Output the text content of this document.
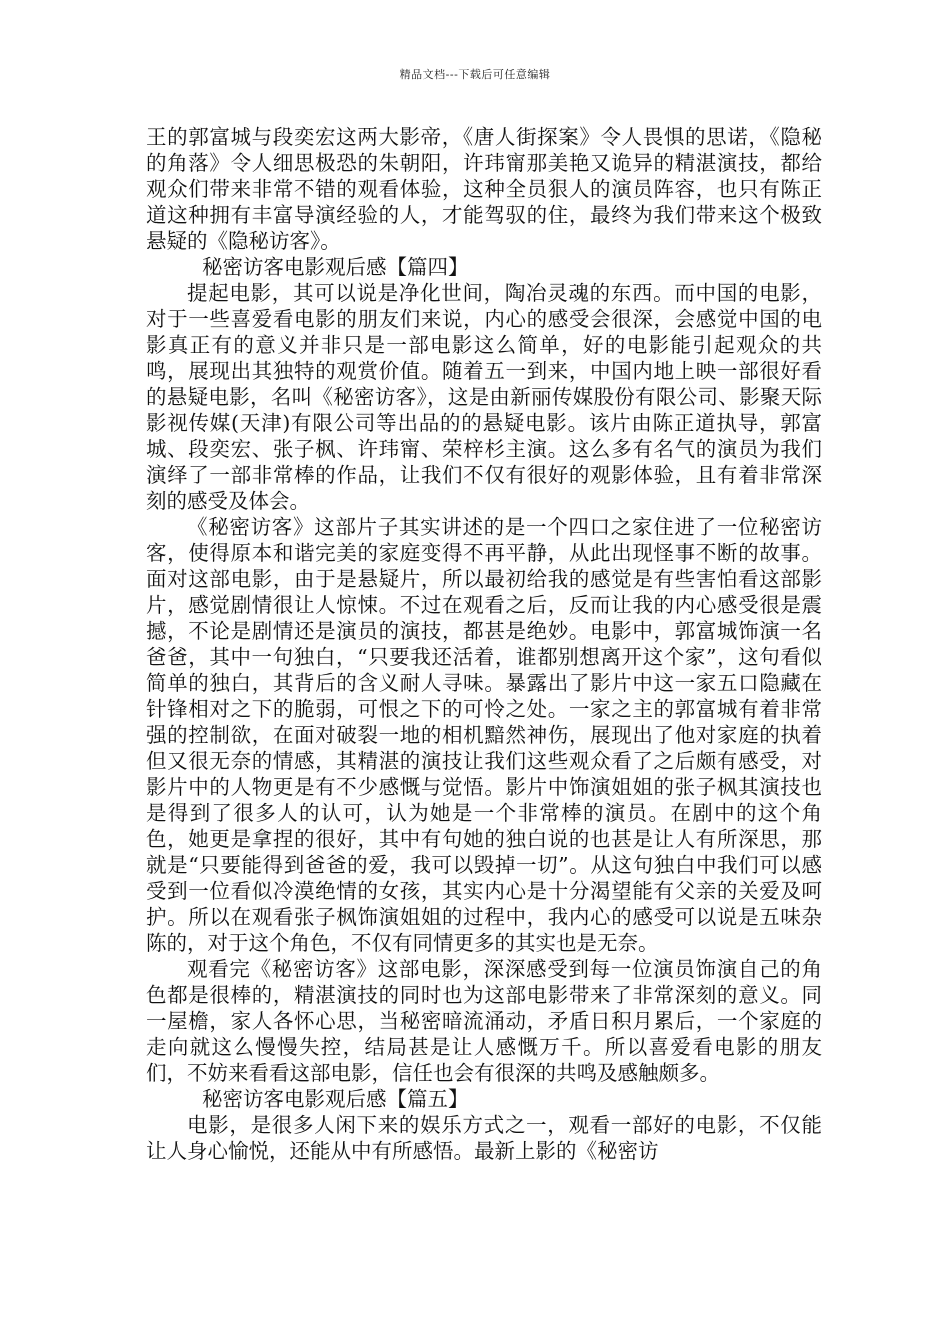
精品文档---下载后可任意编辑

王的郭富城与段奕宏这两大影帝，《唐人街探案》令人畏惧的思诺，《隐秘的角落》令人细思极恐的朱朝阳，许玮甯那美艳又诡异的精湛演技，都给观众们带来非常不错的观看体验，这种全员狠人的演员阵容，也只有陈正道这种拥有丰富导演经验的人，才能驾驭的住，最终为我们带来这个极致悬疑的《隐秘访客》。

秘密访客电影观后感【篇四】

提起电影，其可以说是净化世间，陶冶灵魂的东西。而中国的电影，对于一些喜爱看电影的朋友们来说，内心的感受会很深，会感觉中国的电影真正有的意义并非只是一部电影这么简单，好的电影能引起观众的共鸣，展现出其独特的观赏价值。随着五一到来，中国内地上映一部很好看的悬疑电影，名叫《秘密访客》，这是由新丽传媒股份有限公司、影聚天际影视传媒(天津)有限公司等出品的的悬疑电影。该片由陈正道执导，郭富城、段奕宏、张子枫、许玮甯、荣梓杉主演。这么多有名气的演员为我们演绎了一部非常棒的作品，让我们不仅有很好的观影体验，且有着非常深刻的感受及体会。

《秘密访客》这部片子其实讲述的是一个四口之家住进了一位秘密访客，使得原本和谐完美的家庭变得不再平静，从此出现怪事不断的故事。面对这部电影，由于是悬疑片，所以最初给我的感觉是有些害怕看这部影片，感觉剧情很让人惊悚。不过在观看之后，反而让我的内心感受很是震撼，不论是剧情还是演员的演技，都甚是绝妙。电影中，郭富城饰演一名爸爸，其中一句独白，“只要我还活着，谁都别想离开这个家”，这句看似简单的独白，其背后的含义耐人寻味。暴露出了影片中这一家五口隐藏在针锋相对之下的脆弱，可恨之下的可怜之处。一家之主的郭富城有着非常强的控制欲，在面对破裂一地的相机黯然神伤，展现出了他对家庭的执着但又很无奈的情感，其精湛的演技让我们这些观众看了之后颇有感受，对影片中的人物更是有不少感慨与觉悟。影片中饰演姐姐的张子枫其演技也是得到了很多人的认可，认为她是一个非常棒的演员。在剧中的这个角色，她更是拿捏的很好，其中有句她的独白说的也甚是让人有所深思，那就是“只要能得到爸爸的爱，我可以毁掉一切”。从这句独白中我们可以感受到一位看似冷漠绝情的女孩，其实内心是十分渴望能有父亲的关爱及呵护。所以在观看张子枫饰演姐姐的过程中，我内心的感受可以说是五味杂陈的，对于这个角色，不仅有同情更多的其实也是无奈。

观看完《秘密访客》这部电影，深深感受到每一位演员饰演自己的角色都是很棒的，精湛演技的同时也为这部电影带来了非常深刻的意义。同一屋檐，家人各怀心思，当秘密暗流涌动，矛盾日积月累后，一个家庭的走向就这么慢慢失控，结局甚是让人感慨万千。所以喜爱看电影的朋友们，不妨来看看这部电影，信任也会有很深的共鸣及感触颇多。

秘密访客电影观后感【篇五】

电影，是很多人闲下来的娱乐方式之一，观看一部好的电影，不仅能让人身心愉悦，还能从中有所感悟。最新上影的《秘密访
